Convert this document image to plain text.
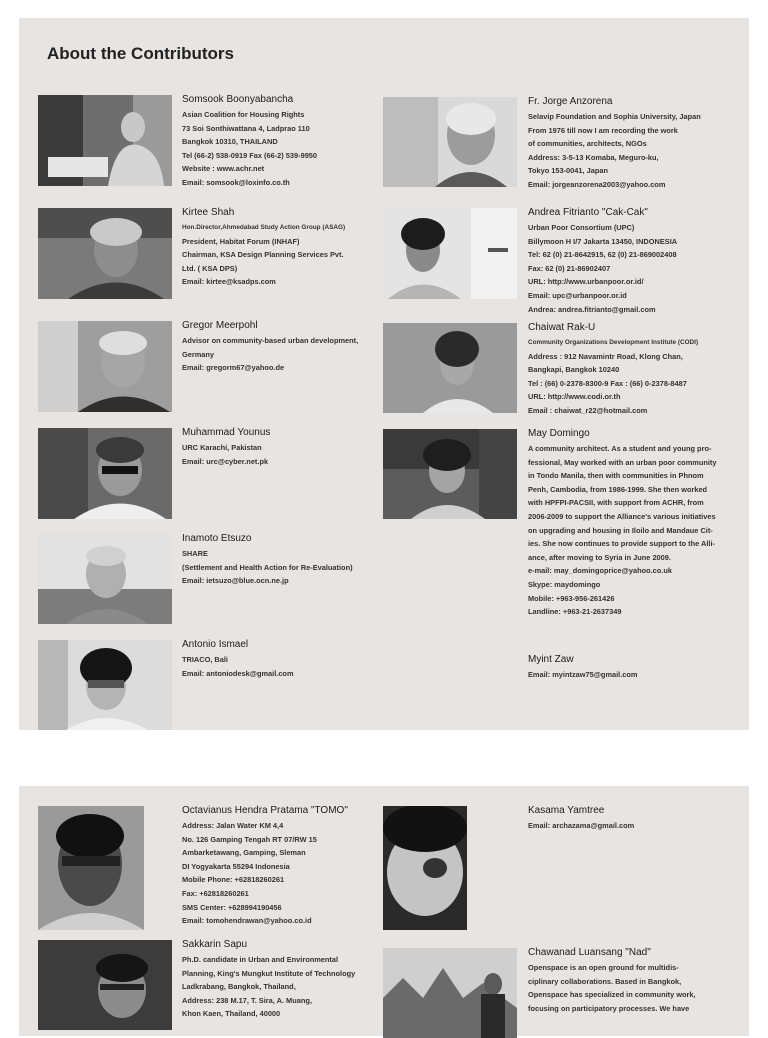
About the Contributors
Somsook Boonyabancha
Asian Coalition for Housing Rights
73 Soi Sonthiwattana 4, Ladprao 110
Bangkok 10310, THAILAND
Tel (66-2) 538-0919 Fax (66-2) 539-9950
Website : www.achr.net
Email: somsook@loxinfo.co.th
Fr. Jorge Anzorena
Selavip Foundation and Sophia University, Japan
From 1976 till now I am recording the work
of communities, architects, NGOs
Address: 3-5-13 Komaba, Meguro-ku,
Tokyo 153-0041, Japan
Email: jorgeanzorena2003@yahoo.com
Kirtee Shah
Hon.Director,Ahmedabad Study Action Group (ASAG)
President, Habitat Forum (INHAF)
Chairman, KSA Design Planning Services Pvt.
Ltd. ( KSA DPS)
Email: kirtee@ksadps.com
Andrea Fitrianto "Cak-Cak"
Urban Poor Consortium (UPC)
Billymoon H I/7 Jakarta 13450, INDONESIA
Tel: 62 (0) 21-8642915, 62 (0) 21-869002408
Fax: 62 (0) 21-86902407
URL: http://www.urbanpoor.or.id/
Email: upc@urbanpoor.or.id
Andrea: andrea.fitrianto@gmail.com
Gregor Meerpohl
Advisor on community-based urban development,
Germany
Email: gregorm67@yahoo.de
Chaiwat Rak-U
Community Organizations Development Institute (CODI)
Address : 912 Navamintr Road, Klong Chan,
Bangkapi, Bangkok 10240
Tel : (66) 0-2378-8300-9 Fax : (66) 0-2378-8487
URL: http://www.codi.or.th
Email : chaiwat_r22@hotmail.com
Muhammad Younus
URC Karachi, Pakistan
Email: urc@cyber.net.pk
May Domingo
A community architect. As a student and young pro-
fessional, May worked with an urban poor community
in Tondo Manila, then with communities in Phnom
Penh, Cambodia, from 1986-1999. She then worked
with HPFPI-PACSII, with support from ACHR, from
2006-2009 to support the Alliance's various initiatives
on upgrading and housing in Iloilo and Mandaue Cit-
ies. She now continues to provide support to the Alli-
ance, after moving to Syria in June 2009.
e-mail: may_domingoprice@yahoo.co.uk
Skype: maydomingo
Mobile: +963-956-261426
Landline: +963-21-2637349
Inamoto Etsuzo
SHARE
(Settlement and Health Action for Re-Evaluation)
Email: ietsuzo@blue.ocn.ne.jp
Antonio Ismael
TRIACO, Bali
Email: antoniodesk@gmail.com
Myint Zaw
Email: myintzaw75@gmail.com
Octavianus Hendra Pratama "TOMO"
Address: Jalan Water KM 4,4
No. 126 Gamping Tengah RT 07/RW 15
Ambarketawang, Gamping, Sleman
DI Yogyakarta 55294 Indonesia
Mobile Phone: +62818260261
Fax: +62818260261
SMS Center: +628994190456
Email: tomohendrawan@yahoo.co.id
Kasama Yamtree
Email: archazama@gmail.com
Sakkarin Sapu
Ph.D. candidate in Urban and Environmental
Planning, King's Mungkut Institute of Technology
Ladkrabang, Bangkok, Thailand,
Address: 238 M.17, T. Sira, A. Muang,
Khon Kaen, Thailand, 40000
Chawanad Luansang "Nad"
Openspace is an open ground for multidis-
ciplinary collaborations. Based in Bangkok,
Openspace has specialized in community work,
focusing on participatory processes. We have
